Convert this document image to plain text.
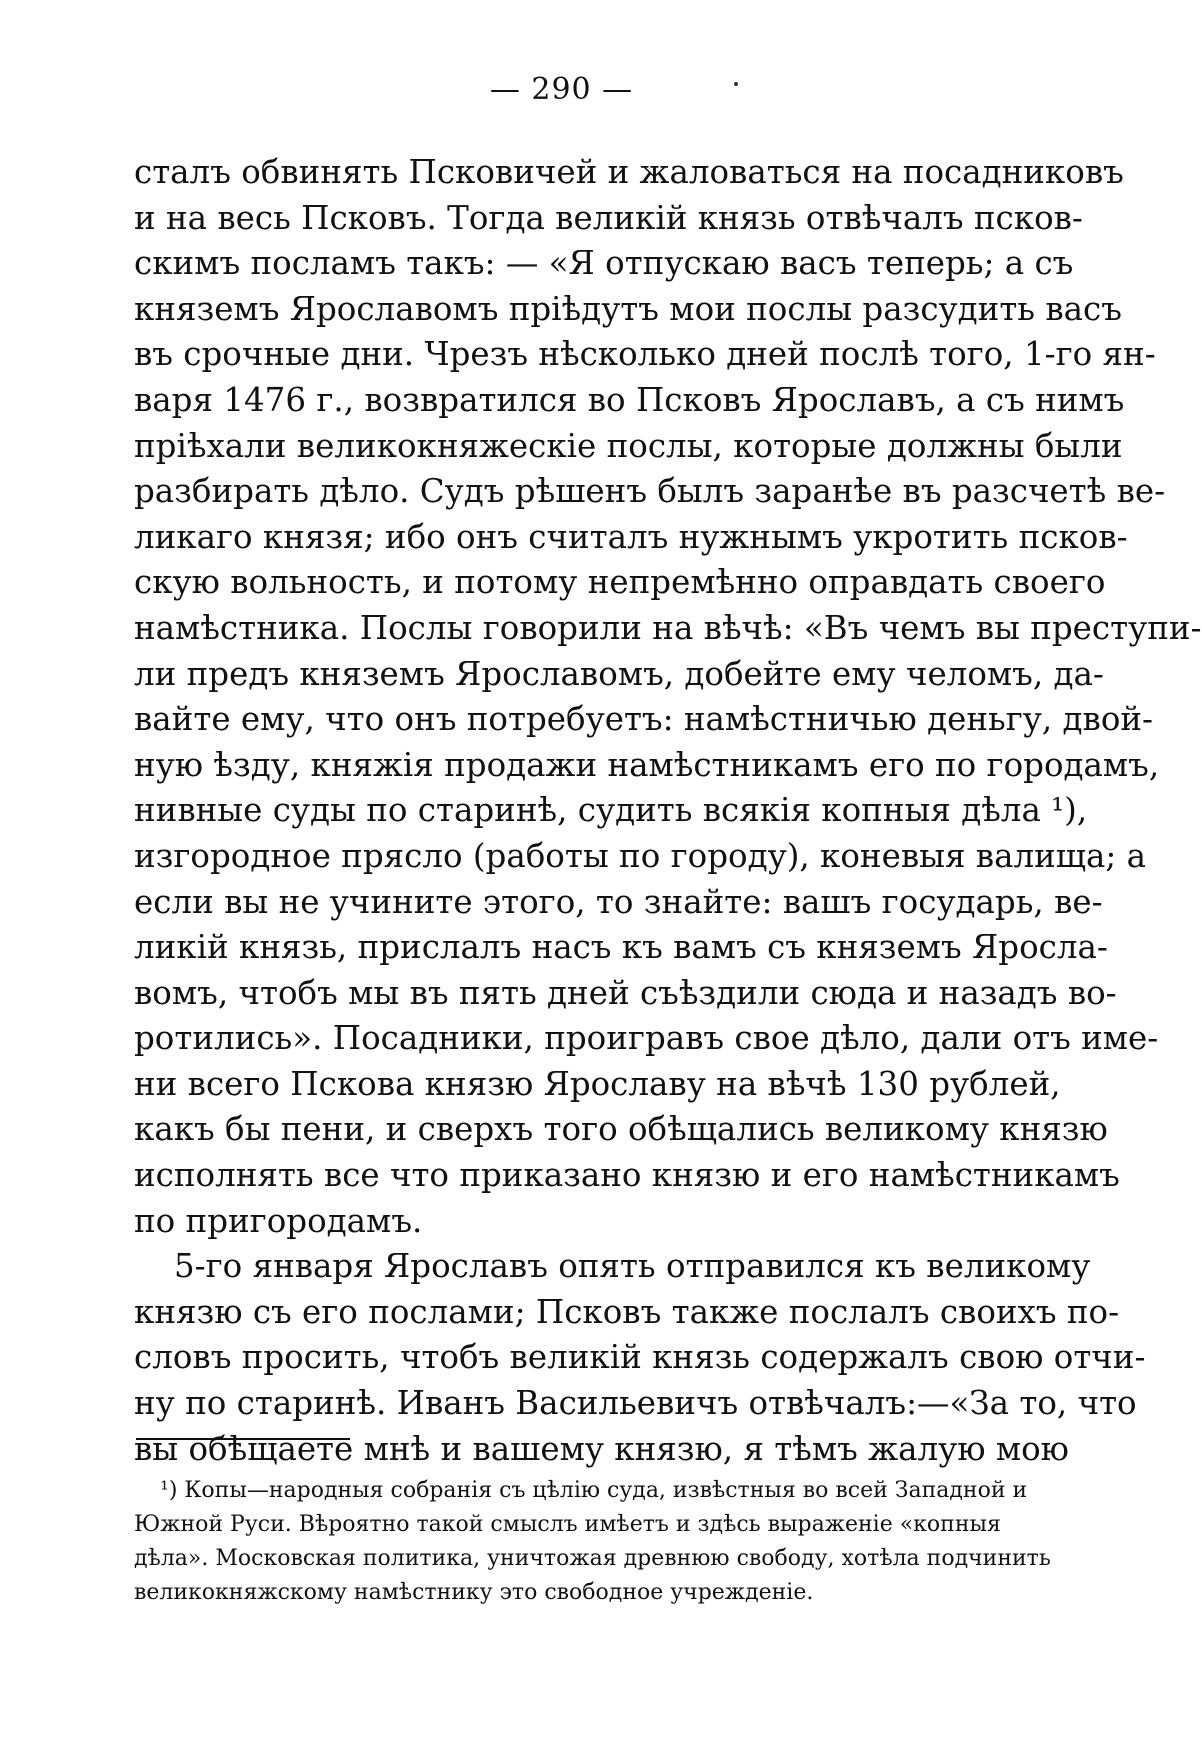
— 290 —
сталъ обвинять Псковичей и жаловаться на посадниковъ
и на весь Псковъ. Тогда великій князь отвѣчалъ псков-
скимъ посламъ такъ: — «Я отпускаю васъ теперь; а съ
княземъ Ярославомъ пріѣдутъ мои послы разсудить васъ
въ срочные дни. Чрезъ нѣсколько дней послѣ того, 1-го ян-
варя 1476 г., возвратился во Псковъ Ярославъ, а съ нимъ
пріѣхали великокняжескіе послы, которые должны были
разбирать дѣло. Судъ рѣшенъ былъ заранѣе въ разсчетѣ ве-
ликаго князя; ибо онъ считалъ нужнымъ укротить псков-
скую вольность, и потому непремѣнно оправдать своего
намѣстника. Послы говорили на вѣчѣ: «Въ чемъ вы преступи-
ли предъ княземъ Ярославомъ, добейте ему челомъ, да-
вайте ему, что онъ потребуетъ: намѣстничью деньгу, двой-
ную ѣзду, княжія продажи намѣстникамъ его по городамъ,
нивные суды по старинѣ, судить всякія копныя дѣла ¹),
изгородное прясло (работы по городу), коневыя валища; а
если вы не учините этого, то знайте: вашъ государь, ве-
ликій князь, прислалъ насъ къ вамъ съ княземъ Яросла-
вомъ, чтобъ мы въ пять дней съѣздили сюда и назадъ во-
ротились». Посадники, проигравъ свое дѣло, дали отъ име-
ни всего Пскова князю Ярославу на вѣчѣ 130 рублей,
какъ бы пени, и сверхъ того обѣщались великому князю
исполнять все что приказано князю и его намѣстникамъ
по пригородамъ.
5-го января Ярославъ опять отправился къ великому
князю съ его послами; Псковъ также послалъ своихъ по-
словъ просить, чтобъ великій князь содержалъ свою отчи-
ну по старинѣ. Иванъ Васильевичъ отвѣчалъ:—«За то, что
вы обѣщаете мнѣ и вашему князю, я тѣмъ жалую мою
¹) Копы—народныя собранія съ цѣлію суда, извѣстныя во всей Западной и
Южной Руси. Вѣроятно такой смыслъ имѣетъ и здѣсь выраженіе «копныя
дѣла». Московская политика, уничтожая древнюю свободу, хотѣла подчинить
великокняжскому намѣстнику это свободное учрежденіе.
